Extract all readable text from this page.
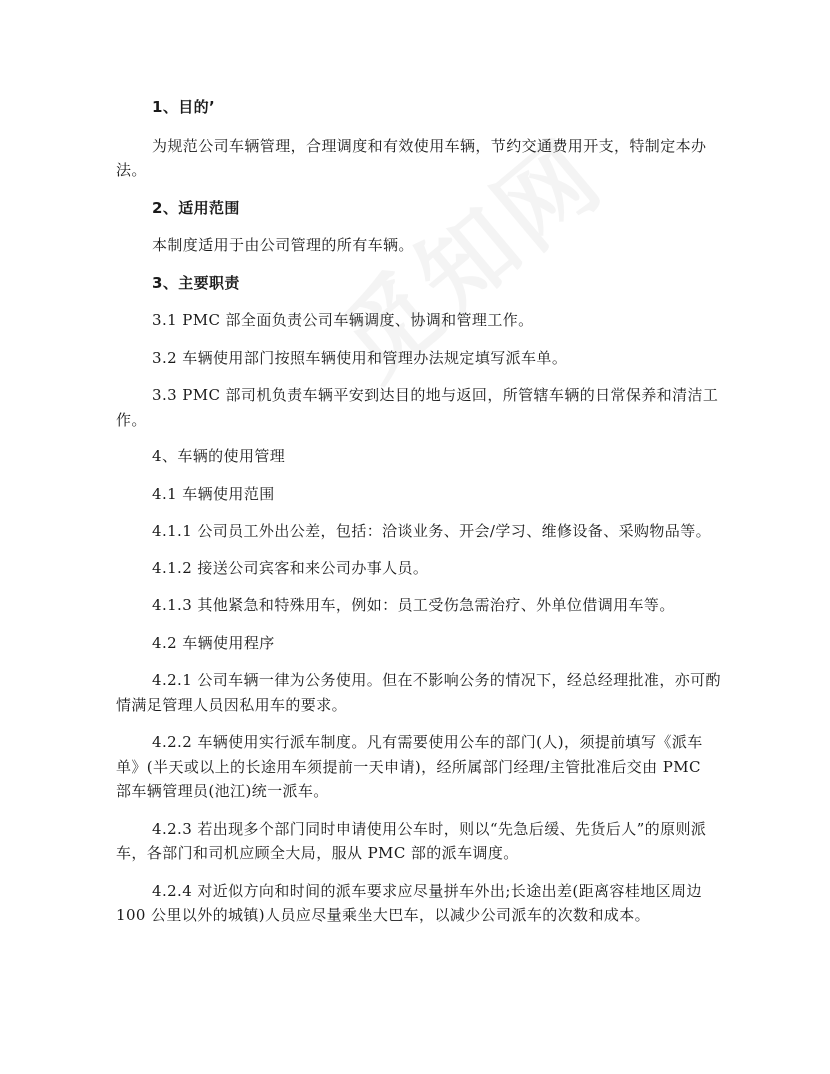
1、目的’

为规范公司车辆管理，合理调度和有效使用车辆，节约交通费用开支，特制定本办法。

2、适用范围

本制度适用于由公司管理的所有车辆。

3、主要职责

3.1 PMC 部全面负责公司车辆调度、协调和管理工作。

3.2 车辆使用部门按照车辆使用和管理办法规定填写派车单。

3.3 PMC 部司机负责车辆平安到达目的地与返回，所管辖车辆的日常保养和清洁工作。

4、车辆的使用管理

4.1 车辆使用范围

4.1.1 公司员工外出公差，包括：洽谈业务、开会/学习、维修设备、采购物品等。

4.1.2 接送公司宾客和来公司办事人员。

4.1.3 其他紧急和特殊用车，例如：员工受伤急需治疗、外单位借调用车等。

4.2 车辆使用程序

4.2.1 公司车辆一律为公务使用。但在不影响公务的情况下，经总经理批准，亦可酌情满足管理人员因私用车的要求。

4.2.2 车辆使用实行派车制度。凡有需要使用公车的部门(人)，须提前填写《派车单》(半天或以上的长途用车须提前一天申请)，经所属部门经理/主管批准后交由 PMC 部车辆管理员(池江)统一派车。

4.2.3 若出现多个部门同时申请使用公车时，则以“先急后缓、先货后人”的原则派车，各部门和司机应顾全大局，服从 PMC 部的派车调度。

4.2.4 对近似方向和时间的派车要求应尽量拼车外出;长途出差(距离容桂地区周边 100 公里以外的城镇)人员应尽量乘坐大巴车，以减少公司派车的次数和成本。
